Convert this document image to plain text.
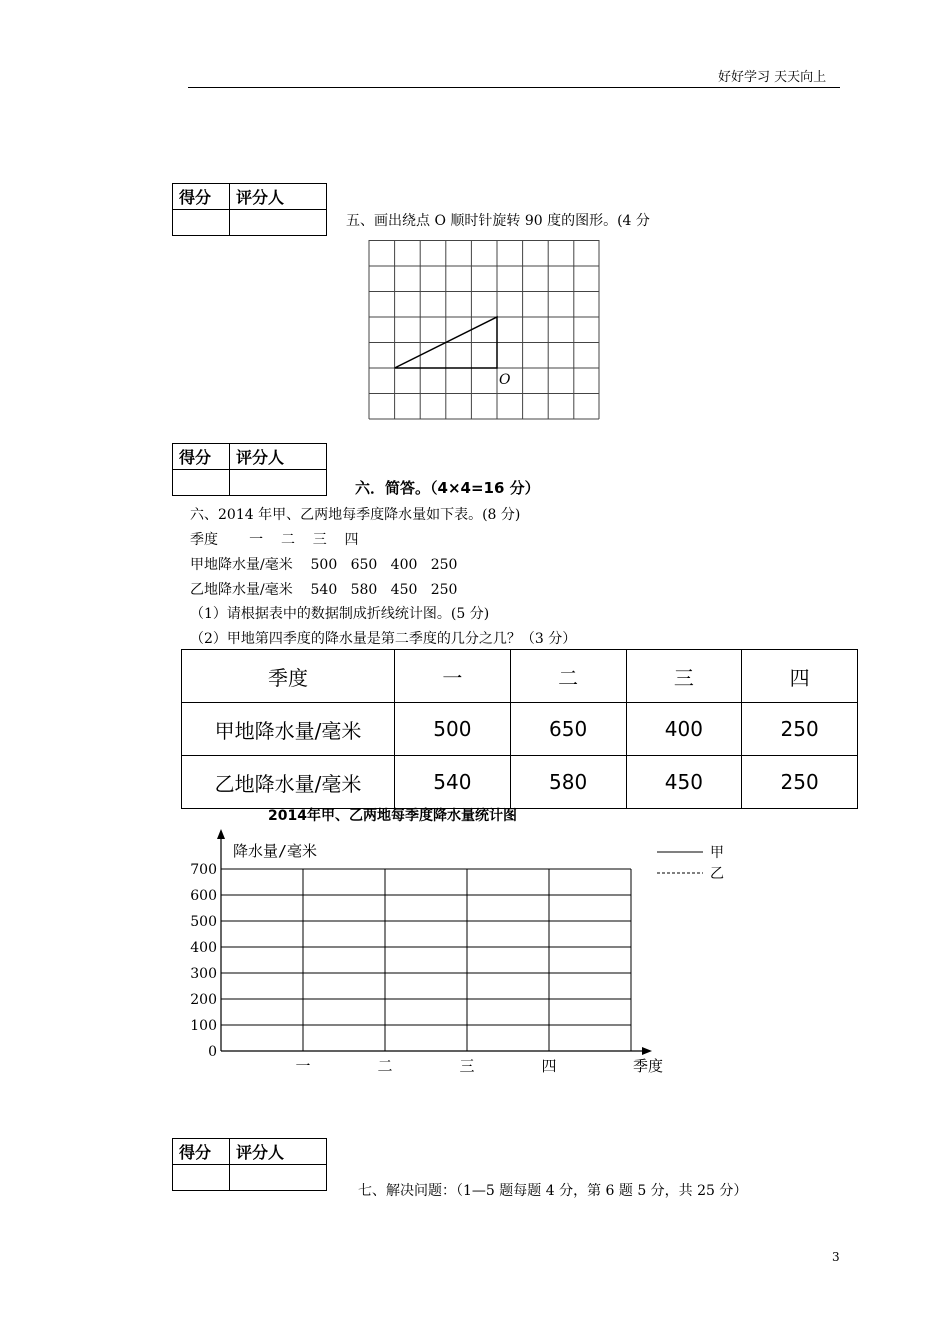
好好学习 天天向上
得分	评分人

五、画出绕点 O 顺时针旋转 90 度的图形。(4 分
O
得分	评分人

六．简答。（4×4=16 分）
六、2014 年甲、乙两地每季度降水量如下表。(8 分)
季度       一    二    三    四
甲地降水量/毫米    500   650   400   250
乙地降水量/毫米    540   580   450   250
（1）请根据表中的数据制成折线统计图。(5 分)
（2）甲地第四季度的降水量是第二季度的几分之几？（3 分）
季度	一	二	三	四
甲地降水量/毫米	500	650	400	250
乙地降水量/毫米	540	580	450	250
2014年甲、乙两地每季度降水量统计图
0
100
200
300
400
500
600
700
降水量/毫米
一	二	三	四	季度
甲
乙
得分	评分人

七、解决问题：（1—5 题每题 4 分，第 6 题 5 分，共 25 分）
3
